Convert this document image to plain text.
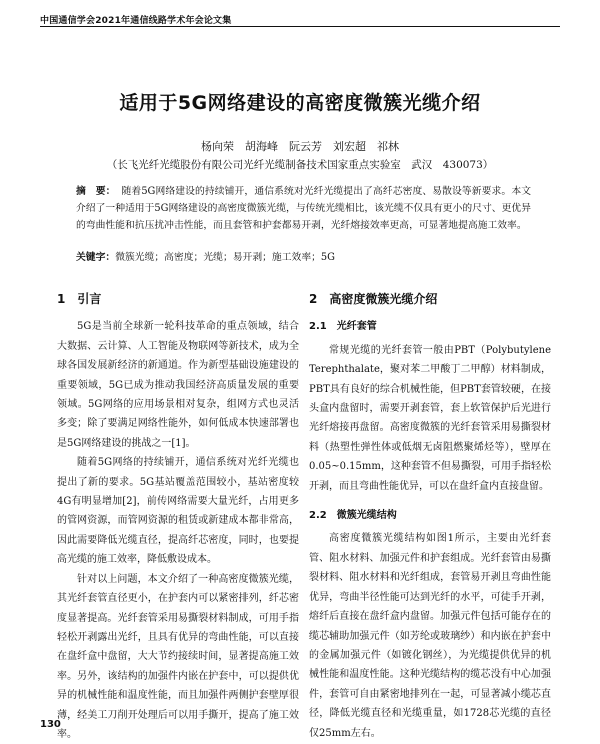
中国通信学会2021年通信线路学术年会论文集
适用于5G网络建设的高密度微簇光缆介绍
杨向荣　胡海峰　阮云芳　刘宏超　祁林
（长飞光纤光缆股份有限公司光纤光缆制备技术国家重点实验室　武汉　430073）
摘　要： 随着5G网络建设的持续铺开，通信系统对光纤光缆提出了高纤芯密度、易散设等新要求。本文介绍了一种适用于5G网络建设的高密度微簇光缆，与传统光缆相比，该光缆不仅具有更小的尺寸、更优异的弯曲性能和抗压扰冲击性能，而且套管和护套都易开剥，光纤熔接效率更高，可显著地提高施工效率。
关键字：微簇光缆；高密度；光缆；易开剥；施工效率；5G
1　引言

5G是当前全球新一轮科技革命的重点领域，结合大数据、云计算、人工智能及物联网等新技术，成为全球各国发展新经济的新通道。作为新型基础设施建设的重要领域，5G已成为推动我国经济高质量发展的重要领域。5G网络的应用场景相对复杂，组网方式也灵活多变；除了要满足网络性能外，如何低成本快速部署也是5G网络建设的挑战之一[1]。

随着5G网络的持续铺开，通信系统对光纤光缆也提出了新的要求。5G基站覆盖范围较小，基站密度较4G有明显增加[2]，前传网络需要大量光纤，占用更多的管网资源，而管网资源的租赁或新建成本都非常高，因此需要降低光缆直径，提高纤芯密度，同时，也要提高光缆的施工效率，降低敷设成本。

针对以上问题，本文介绍了一种高密度微簇光缆，其光纤套管直径更小，在护套内可以紧密排列，纤芯密度显著提高。光纤套管采用易撕裂材料制成，可用手指轻松开剥露出光纤，且具有优异的弯曲性能，可以直接在盘纤盒中盘留，大大节约接续时间，显著提高施工效率。另外，该结构的加强件内嵌在护套中，可以提供优异的机械性能和温度性能，而且加强件两侧护套壁厚很薄，经美工刀削开处理后可以用手撕开，提高了施工效率。

2　高密度微簇光缆介绍
2.1　光纤套管

常规光缆的光纤套管一般由PBT（Polybutylene Terephthalate，聚对苯二甲酸丁二甲醇）材料制成，PBT具有良好的综合机械性能，但PBT套管较硬，在接头盒内盘留时，需要开剥套管，套上软管保护后光进行光纤熔接再盘留。高密度微簇的光纤套管采用易撕裂材料（热塑性弹性体或低烟无卤阻燃聚烯烃等），壁厚在0.05~0.15mm，这种套管不但易撕裂，可用手指轻松开剥，而且弯曲性能优异，可以在盘纤盒内直接盘留。

2.2　微簇光缆结构

高密度微簇光缆结构如图1所示，主要由光纤套管、阻水材料、加强元件和护套组成。光纤套管由易撕裂材料、阻水材料和光纤组成，套管易开剥且弯曲性能优异，弯曲半径性能可达到光纤的水平，可徒手开剥，熔纤后直接在盘纤盒内盘留。加强元件包括可能存在的缆芯辅助加强元件（如芳纶或玻璃纱）和内嵌在护套中的金属加强元件（如镀化钢丝），为光缆提供优异的机械性能和温度性能。这种光缆结构的缆芯没有中心加强件，套管可自由紧密地排列在一起，可显著减小缆芯直径，降低光缆直径和光缆重量，如1728芯光缆的直径仅25mm左右。

130
